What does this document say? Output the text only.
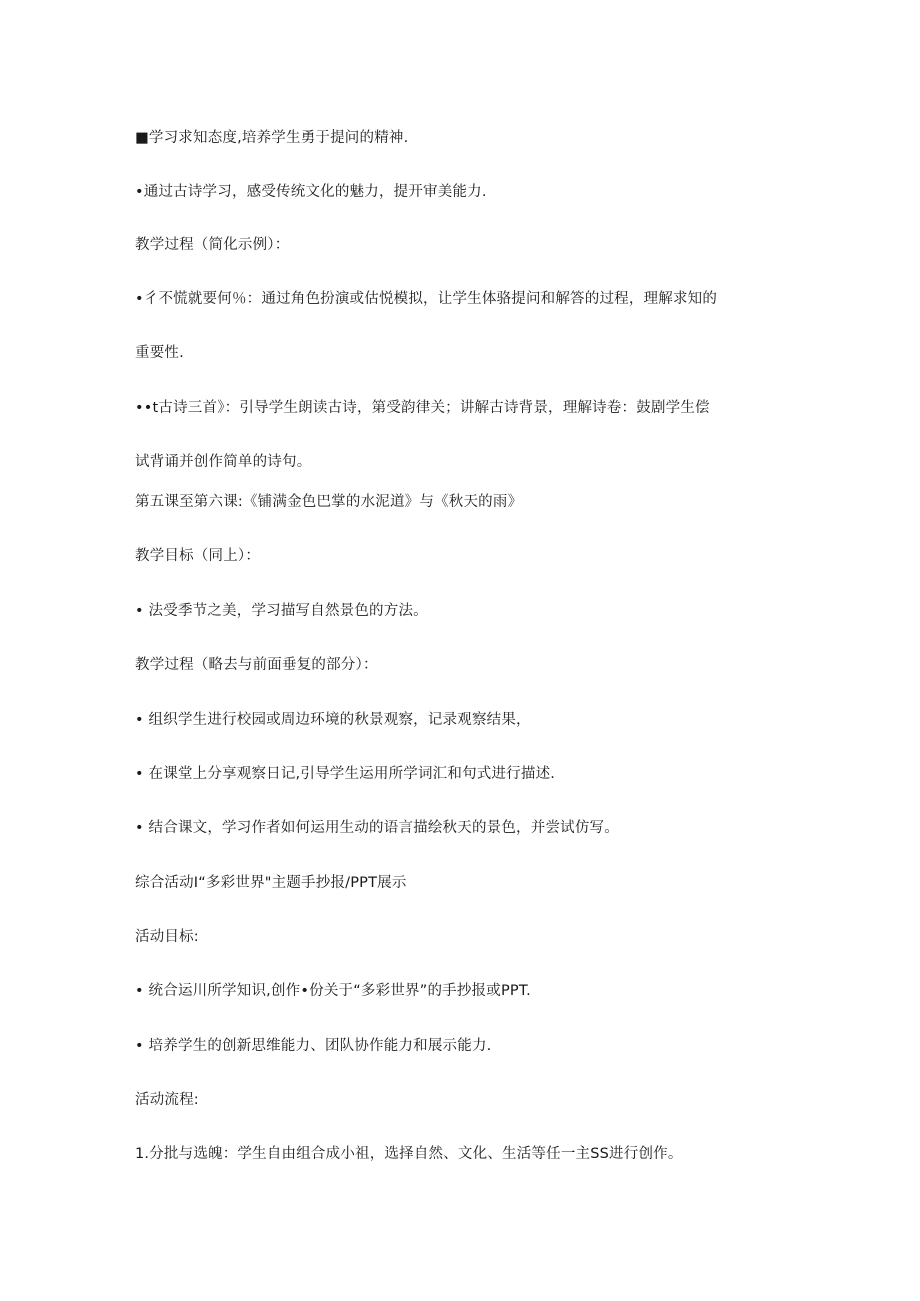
■学习求知态度,培养学生勇于提问的精神.
•通过古诗学习，感受传统文化的魅力，提开审美能力.
教学过程（简化示例）：
•彳不慌就要何％：通过角色扮演或估悦模拟，让学生体骆提问和解答的过程，理解求知的
重要性.
••t古诗三首》：引导学生朗读古诗，第受韵律关；讲解古诗背景，理解诗卷：鼓剧学生偿
试背诵并创作简单的诗句。
第五课至第六课:《铺满金色巴掌的水泥道》与《秋天的雨》
教学目标（同上）：
• 法受季节之美，学习描写自然景色的方法。
教学过程（略去与前面垂复的部分）：
• 组织学生进行校园或周边环境的秋景观察，记录观察结果，
• 在课堂上分享观察日记,引导学生运用所学词汇和句式进行描述.
• 结合课文，学习作者如何运用生动的语言描绘秋天的景色，并尝试仿写。
综合活动Ⅰ“多彩世界"主题手抄报/PPT展示
活动目标:
• 统合运川所学知识,创作•份关于“多彩世界”的手抄报或PPT.
• 培养学生的创新思维能力、团队协作能力和展示能力.
活动流程:
1.分批与选魄：学生自由组合成小祖，选择自然、文化、生活等任一主SS进行创作。
